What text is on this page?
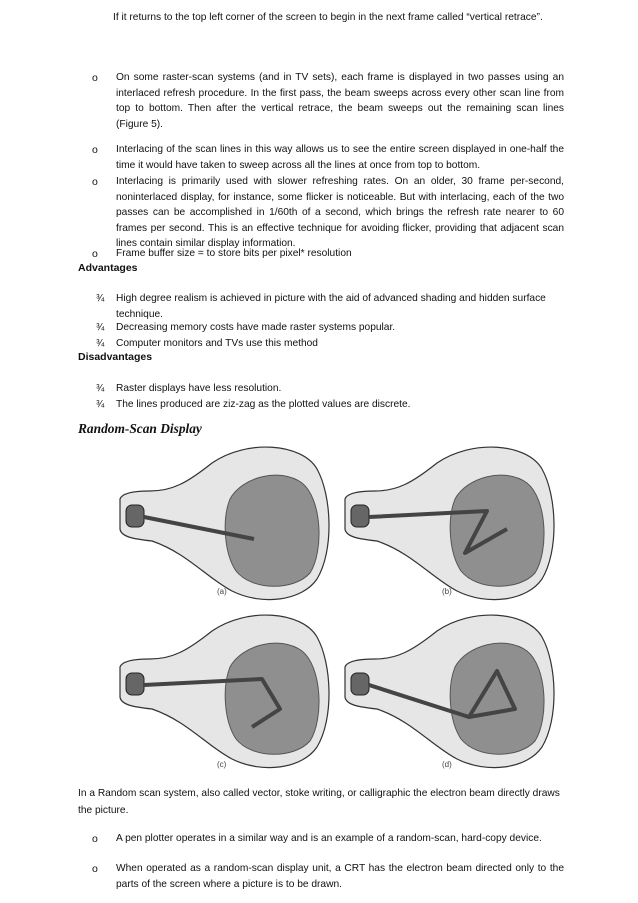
If it returns to the top left corner of the screen to begin in the next frame called “vertical retrace”.
o On some raster-scan systems (and in TV sets), each frame is displayed in two passes using an interlaced refresh procedure. In the first pass, the beam sweeps across every other scan line from top to bottom. Then after the vertical retrace, the beam sweeps out the remaining scan lines (Figure 5).
o Interlacing of the scan lines in this way allows us to see the entire screen displayed in one-half the time it would have taken to sweep across all the lines at once from top to bottom.
o Interlacing is primarily used with slower refreshing rates. On an older, 30 frame per-second, noninterlaced display, for instance, some flicker is noticeable. But with interlacing, each of the two passes can be accomplished in 1/60th of a second, which brings the refresh rate nearer to 60 frames per second. This is an effective technique for avoiding flicker, providing that adjacent scan lines contain similar display information.
o Frame buffer size = to store bits per pixel* resolution
Advantages
¾ High degree realism is achieved in picture with the aid of advanced shading and hidden surface technique.
¾ Decreasing memory costs have made raster systems popular.
¾ Computer monitors and TVs use this method
Disadvantages
¾ Raster displays have less resolution.
¾ The lines produced are ziz-zag as the plotted values are discrete.
Random-Scan Display
(a)	(b)
(c)	(d)
In a Random scan system, also called vector, stoke writing, or calligraphic the electron beam directly draws the picture.
o A pen plotter operates in a similar way and is an example of a random-scan, hard-copy device.
o When operated as a random-scan display unit, a CRT has the electron beam directed only to the parts of the screen where a picture is to be drawn.
